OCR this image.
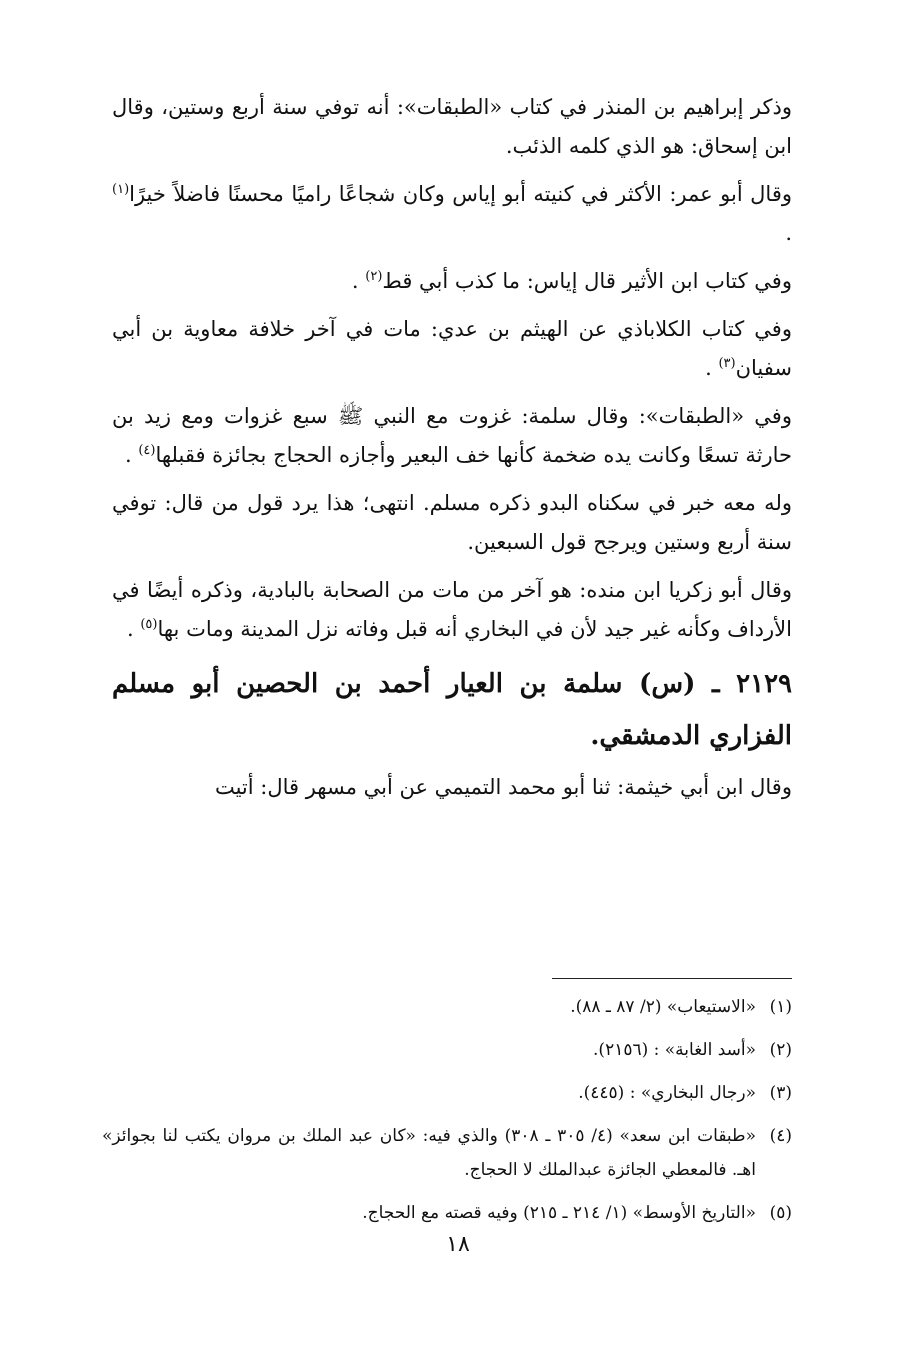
وذكر إبراهيم بن المنذر في كتاب «الطبقات»: أنه توفي سنة أربع وستين، وقال ابن إسحاق: هو الذي كلمه الذئب.

وقال أبو عمر: الأكثر في كنيته أبو إياس وكان شجاعًا راميًا محسنًا فاضلاً خيرًا$^{(١)}$ .

وفي كتاب ابن الأثير قال إياس: ما كذب أبي قط$^{(٢)}$ .

وفي كتاب الكلاباذي عن الهيثم بن عدي: مات في آخر خلافة معاوية بن أبي سفيان$^{(٣)}$ .

وفي «الطبقات»: وقال سلمة: غزوت مع النبي ﷺ سبع غزوات ومع زيد بن حارثة تسعًا وكانت يده ضخمة كأنها خف البعير وأجازه الحجاج بجائزة فقبلها$^{(٤)}$ .

وله معه خبر في سكناه البدو ذكره مسلم. انتهى؛ هذا يرد قول من قال: توفي سنة أربع وستين ويرجح قول السبعين.

وقال أبو زكريا ابن منده: هو آخر من مات من الصحابة بالبادية، وذكره أيضًا في الأرداف وكأنه غير جيد لأن في البخاري أنه قبل وفاته نزل المدينة ومات بها$^{(٥)}$ .

٢١٢٩ ـ (س) سلمة بن العيار أحمد بن الحصين أبو مسلم الفزاري الدمشقي.

وقال ابن أبي خيثمة: ثنا أبو محمد التميمي عن أبي مسهر قال: أتيت

(١)
«الاستيعاب» (٢/ ٨٧ ـ ٨٨).
(٢)
«أسد الغابة» : (٢١٥٦).
(٣)
«رجال البخاري» : (٤٤٥).
(٤)
«طبقات ابن سعد» (٤/ ٣٠٥ ـ ٣٠٨) والذي فيه: «كان عبد الملك بن مروان يكتب لنا بجوائز» اهـ. فالمعطي الجائزة عبدالملك لا الحجاج.
(٥)
«التاريخ الأوسط» (١/ ٢١٤ ـ ٢١٥) وفيه قصته مع الحجاج.
١٨
